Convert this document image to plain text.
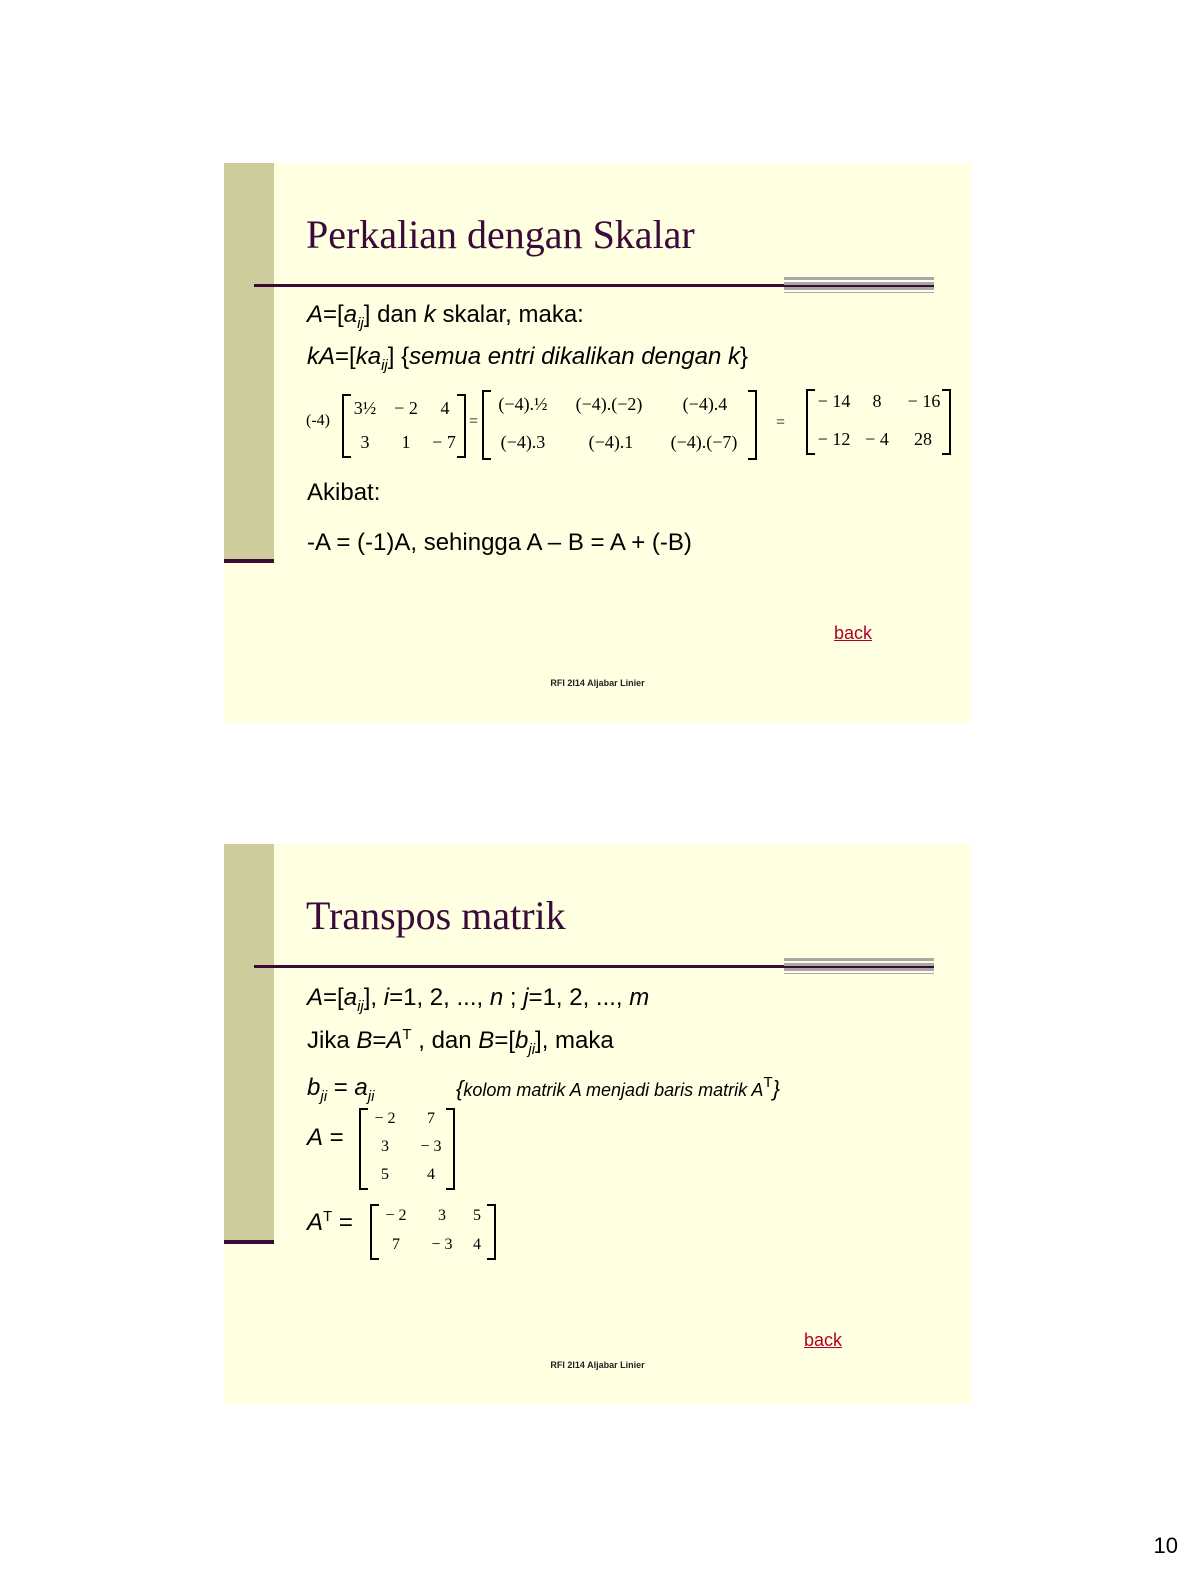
Perkalian dengan Skalar
$A=[a_{ij}]$ dan k skalar, maka:
$kA=[ka_{ij}]$ {semua entri dikalikan dengan k}
(-4)
3½ − 2	4
3	1	− 7
=
(−4).½	(−4).(−2)	(−4).4
(−4).3	(−4).1	(−4).(−7)
=
− 14	8	− 16
− 12 − 4	28
Akibat:
-A = (-1)A, sehingga A – B = A + (-B)
back
RFI 2I14 Aljabar Linier
Transpos matrik
$A=[a_{ij}]$, i=1, 2, ..., n ; j=1, 2, ..., m
Jika $B=A^T$ , dan $B=[b_{ji}]$, maka
$b_{ji} = a_{ji}$	{kolom matrik A menjadi baris matrik $A^T$}
A =
− 2	7
3	− 3
5	4
$A^T$ =	− 2	3	5
7	− 3	4
back
RFI 2I14 Aljabar Linier
10
